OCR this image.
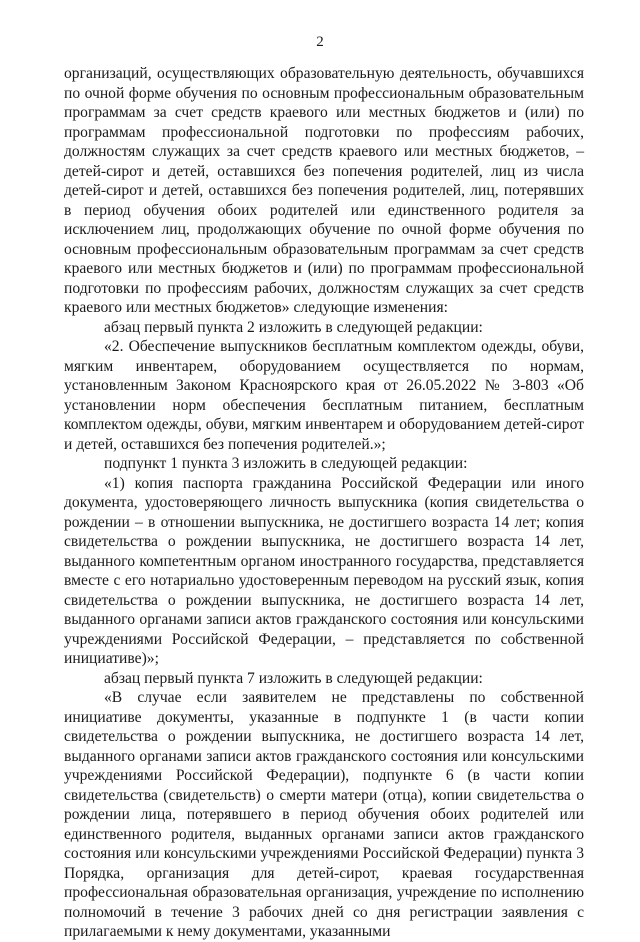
2

организаций, осуществляющих образовательную деятельность, обучавшихся по очной форме обучения по основным профессиональным образовательным программам за счет средств краевого или местных бюджетов и (или) по программам профессиональной подготовки по профессиям рабочих, должностям служащих за счет средств краевого или местных бюджетов, – детей-сирот и детей, оставшихся без попечения родителей, лиц из числа детей-сирот и детей, оставшихся без попечения родителей, лиц, потерявших в период обучения обоих родителей или единственного родителя за исключением лиц, продолжающих обучение по очной форме обучения по основным профессиональным образовательным программам за счет средств краевого или местных бюджетов и (или) по программам профессиональной подготовки по профессиям рабочих, должностям служащих за счет средств краевого или местных бюджетов» следующие изменения:

абзац первый пункта 2 изложить в следующей редакции:

«2. Обеспечение выпускников бесплатным комплектом одежды, обуви, мягким инвентарем, оборудованием осуществляется по нормам, установленным Законом Красноярского края от 26.05.2022 № 3-803 «Об установлении норм обеспечения бесплатным питанием, бесплатным комплектом одежды, обуви, мягким инвентарем и оборудованием детей-сирот и детей, оставшихся без попечения родителей.»;

подпункт 1 пункта 3 изложить в следующей редакции:

«1) копия паспорта гражданина Российской Федерации или иного документа, удостоверяющего личность выпускника (копия свидетельства о рождении – в отношении выпускника, не достигшего возраста 14 лет; копия свидетельства о рождении выпускника, не достигшего возраста 14 лет, выданного компетентным органом иностранного государства, представляется вместе с его нотариально удостоверенным переводом на русский язык, копия свидетельства о рождении выпускника, не достигшего возраста 14 лет, выданного органами записи актов гражданского состояния или консульскими учреждениями Российской Федерации, – представляется по собственной инициативе)»;

абзац первый пункта 7 изложить в следующей редакции:

«В случае если заявителем не представлены по собственной инициативе документы, указанные в подпункте 1 (в части копии свидетельства о рождении выпускника, не достигшего возраста 14 лет, выданного органами записи актов гражданского состояния или консульскими учреждениями Российской Федерации), подпункте 6 (в части копии свидетельства (свидетельств) о смерти матери (отца), копии свидетельства о рождении лица, потерявшего в период обучения обоих родителей или единственного родителя, выданных органами записи актов гражданского состояния или консульскими учреждениями Российской Федерации) пункта 3 Порядка, организация для детей-сирот, краевая государственная профессиональная образовательная организация, учреждение по исполнению полномочий в течение 3 рабочих дней со дня регистрации заявления с прилагаемыми к нему документами, указанными
